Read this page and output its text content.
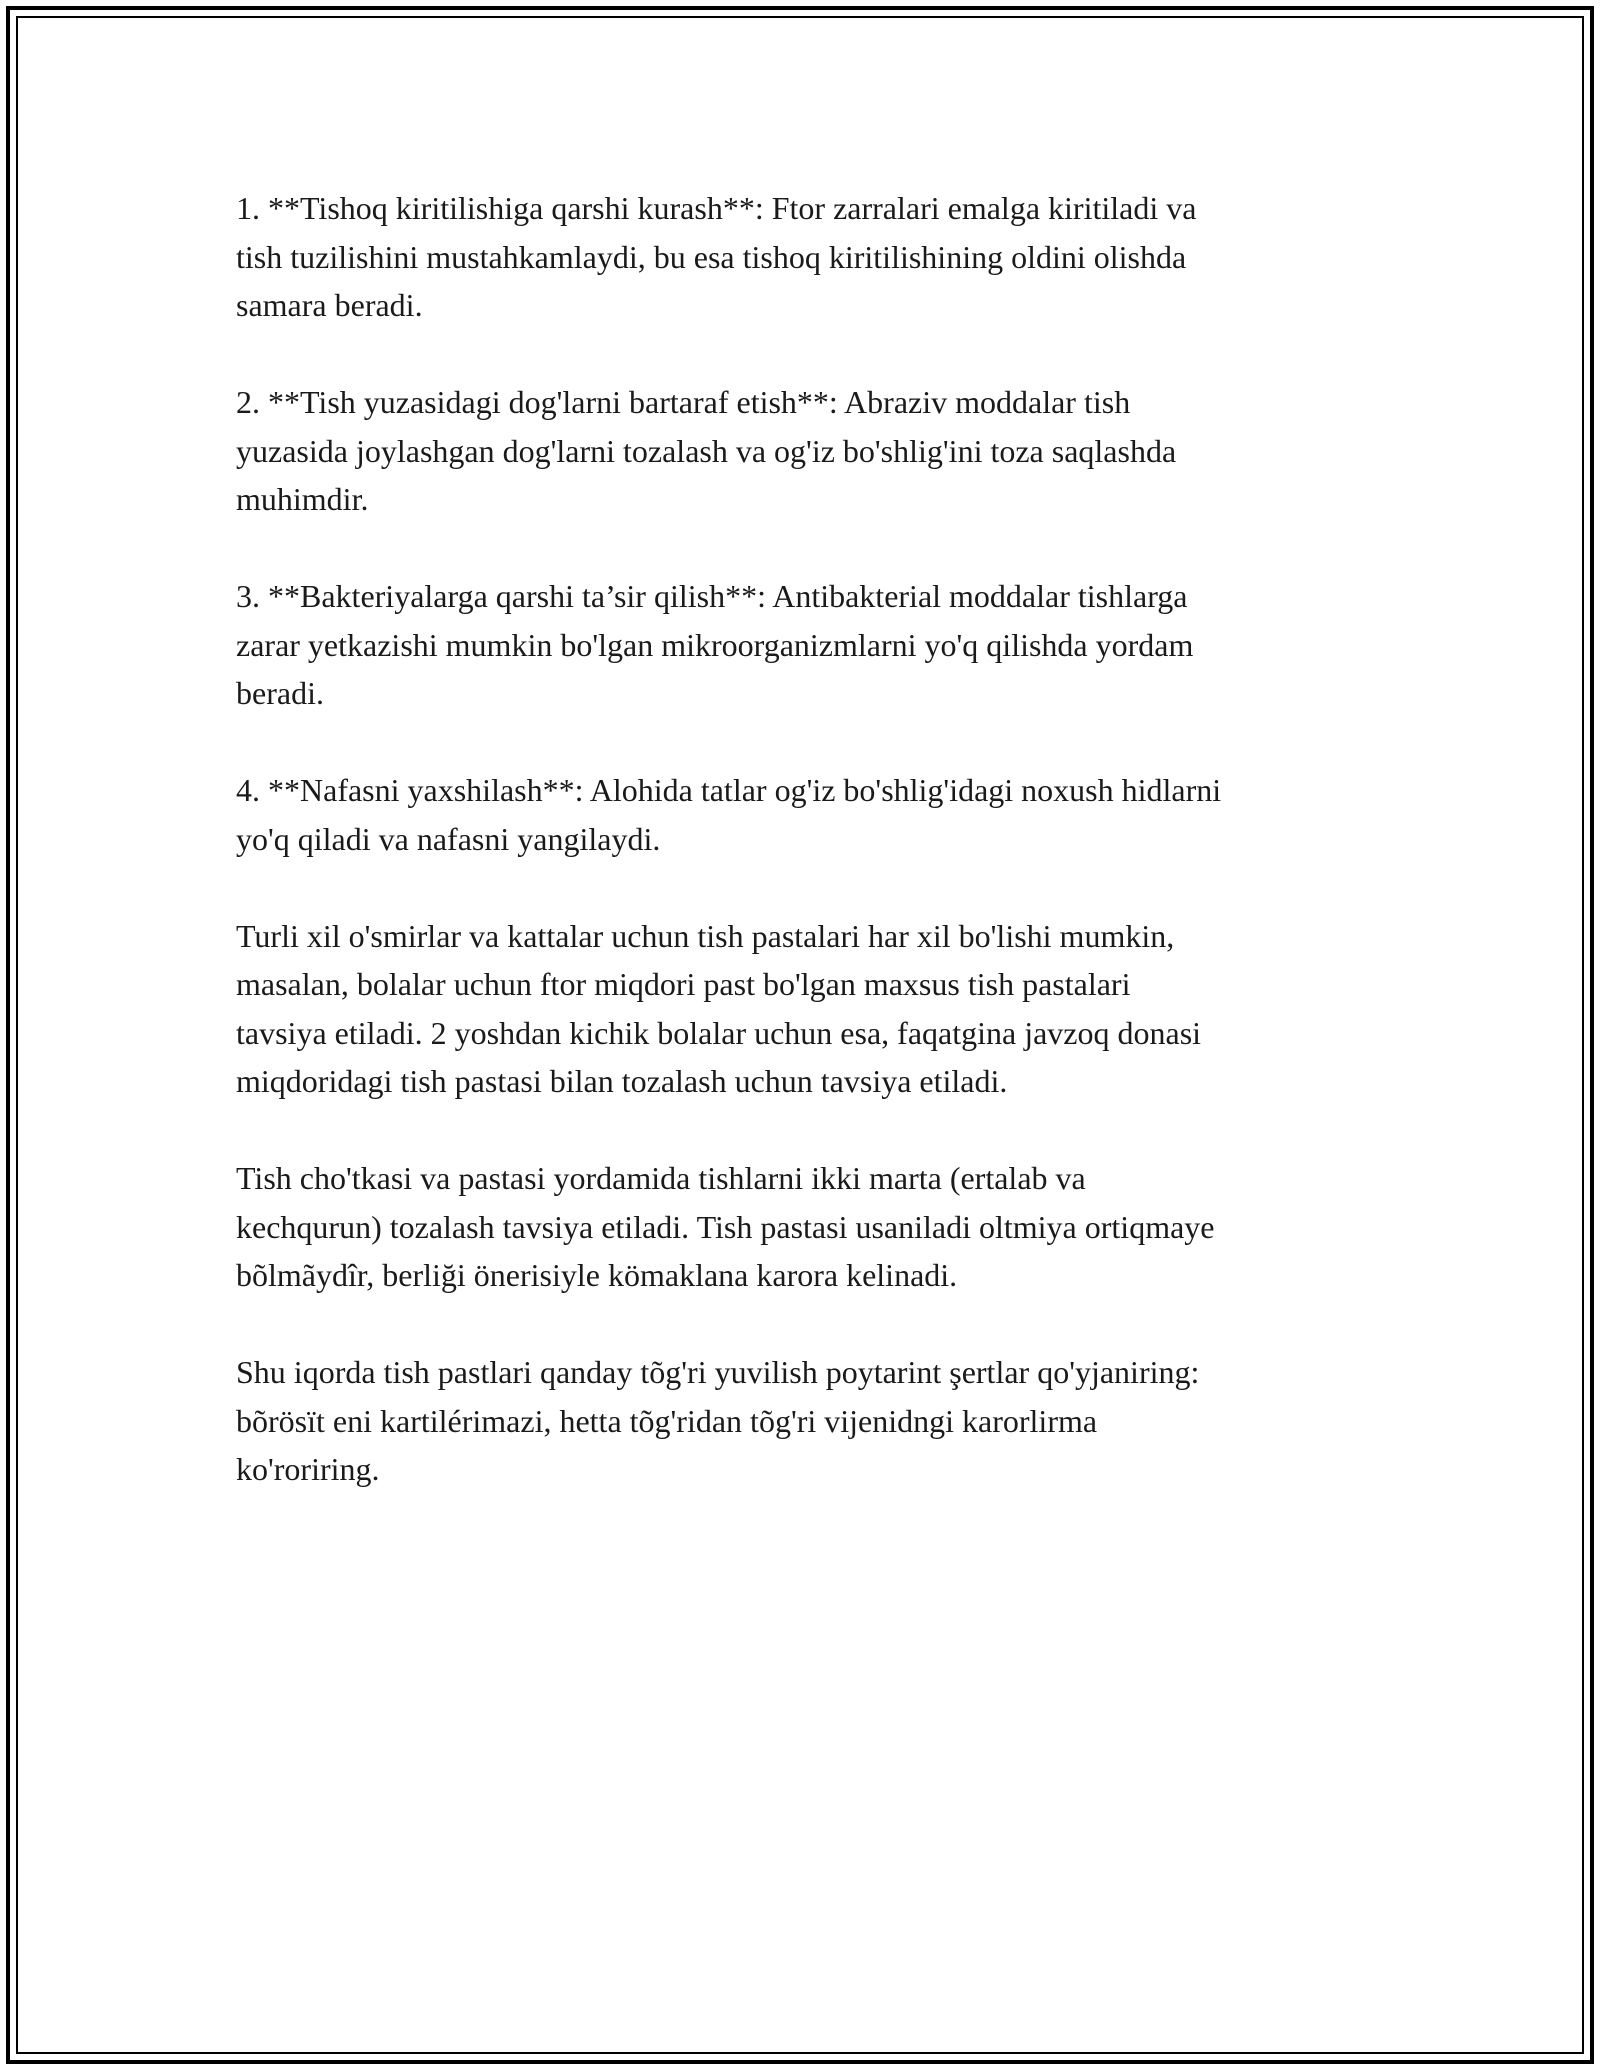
1. **Tishoq kiritilishiga qarshi kurash**: Ftor zarralari emalga kiritiladi va
tish tuzilishini mustahkamlaydi, bu esa tishoq kiritilishining oldini olishda
samara beradi.

2. **Tish yuzasidagi dog'larni bartaraf etish**: Abraziv moddalar tish
yuzasida joylashgan dog'larni tozalash va og'iz bo'shlig'ini toza saqlashda
muhimdir.

3. **Bakteriyalarga qarshi ta’sir qilish**: Antibakterial moddalar tishlarga
zarar yetkazishi mumkin bo'lgan mikroorganizmlarni yo'q qilishda yordam
beradi.

4. **Nafasni yaxshilash**: Alohida tatlar og'iz bo'shlig'idagi noxush hidlarni
yo'q qiladi va nafasni yangilaydi.

Turli xil o'smirlar va kattalar uchun tish pastalari har xil bo'lishi mumkin,
masalan, bolalar uchun ftor miqdori past bo'lgan maxsus tish pastalari
tavsiya etiladi. 2 yoshdan kichik bolalar uchun esa, faqatgina javzoq donasi
miqdoridagi tish pastasi bilan tozalash uchun tavsiya etiladi.

Tish cho'tkasi va pastasi yordamida tishlarni ikki marta (ertalab va
kechqurun) tozalash tavsiya etiladi. Tish pastasi usaniladi oltmiya ortiqmaye
bõlmãydîr, berliği önerisiyle kömaklana karora kelinadi.

Shu iqorda tish pastlari qanday tõg'ri yuvilish poytarint şertlar qo'yjaniring:
bõrösït eni kartilérimazi, hetta tõg'ridan tõg'ri vijenidngi karorlirma
ko'roriring.
